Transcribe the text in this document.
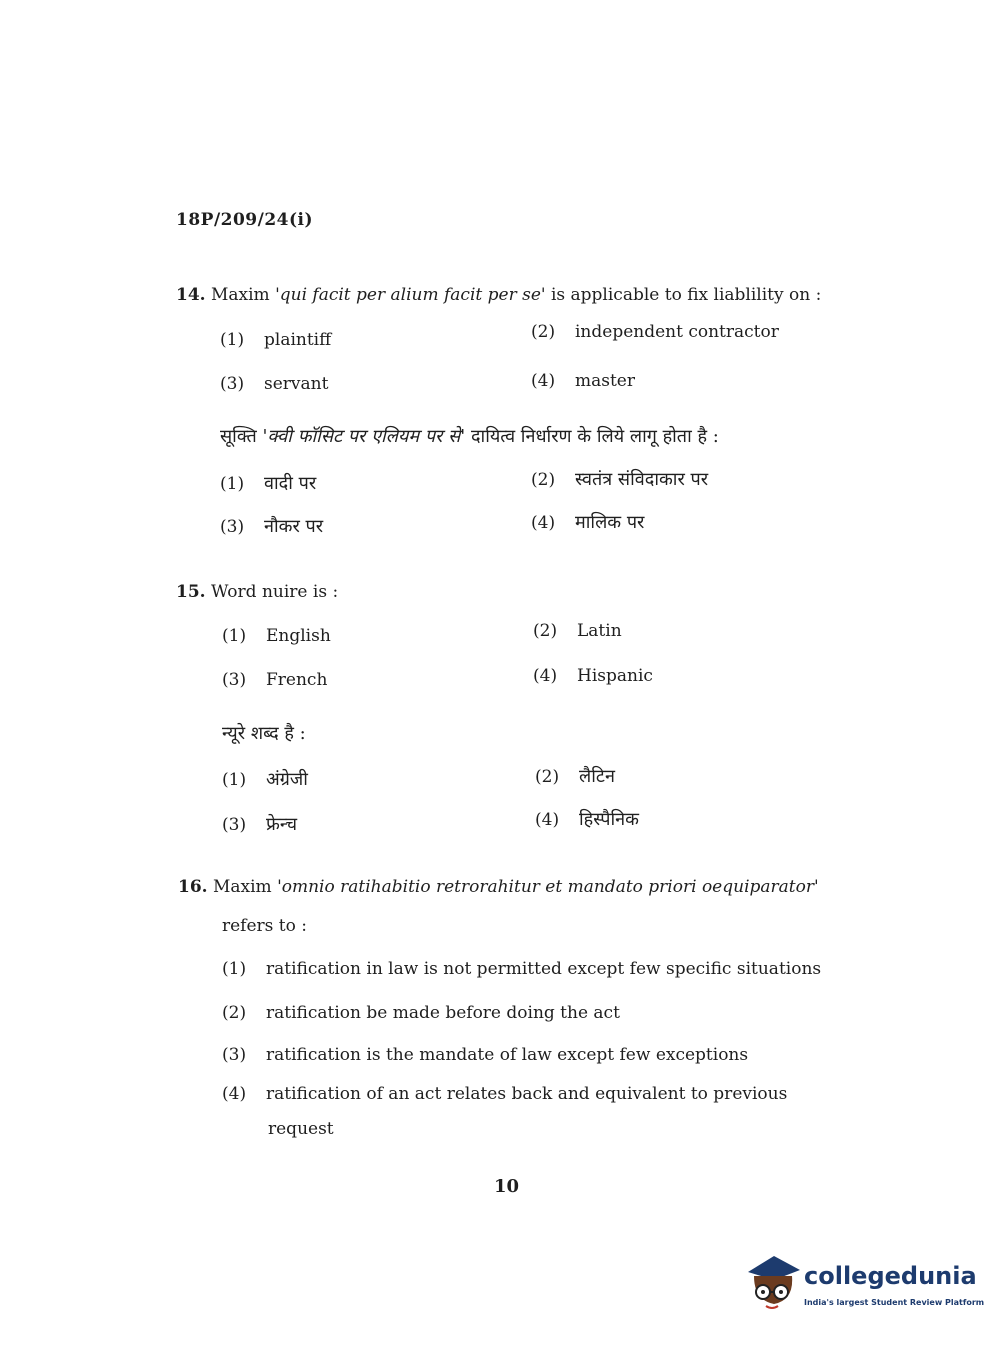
18P/209/24(i)
14. Maxim 'qui facit per alium facit per se' is applicable to fix liablility on :
(1) plaintiff	(2) independent contractor
(3) servant	(4) master
सूक्ति 'क्वी फॉसिट पर एलियम पर से' दायित्व निर्धारण के लिये लागू होता है :
(1) वादी पर	(2) स्वतंत्र संविदाकार पर
(3) नौकर पर	(4) मालिक पर
15. Word nuire is :
(1) English	(2) Latin
(3) French	(4) Hispanic
न्यूरे शब्द है :
(1) अंग्रेजी	(2) लैटिन
(3) फ्रेन्च	(4) हिस्पैनिक
16. Maxim 'omnio ratihabitio retrorahitur et mandato priori oequiparator'
refers to :
(1) ratification in law is not permitted except few specific situations
(2) ratification be made before doing the act
(3) ratification is the mandate of law except few exceptions
(4) ratification of an act relates back and equivalent to previous
request
10
collegedunia
India's largest Student Review Platform
